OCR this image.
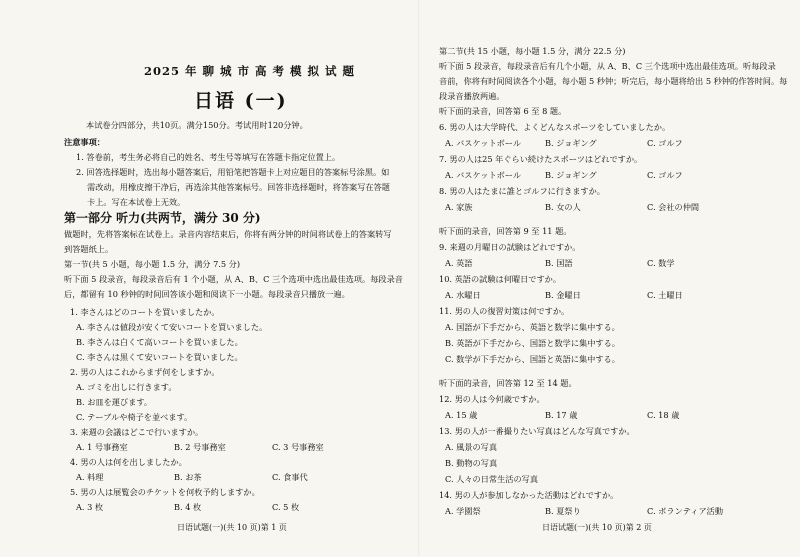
2025 年 聊 城 市 高 考 模 拟 试 题
日语 (一)
本试卷分四部分，共10页。满分150分。考试用时120分钟。
注意事项：
1. 答卷前，考生务必将自己的姓名、考生号等填写在答题卡指定位置上。
2. 回答选择题时，选出每小题答案后，用铅笔把答题卡上对应题目的答案标号涂黑。如
需改动，用橡皮擦干净后，再选涂其他答案标号。回答非选择题时，将答案写在答题
卡上。写在本试卷上无效。
第一部分 听力(共两节，满分 30 分)
做题时，先将答案标在试卷上。录音内容结束后，你将有两分钟的时间将试卷上的答案转写
到答题纸上。
第一节(共 5 小题，每小题 1.5 分，满分 7.5 分)
听下面 5 段录音，每段录音后有 1 个小题，从 A、B、C 三个选项中选出最佳选项。每段录音
后，都留有 10 秒钟的时间回答该小题和阅读下一小题。每段录音只播放一遍。
1. 李さんはどのコートを買いましたか。
A. 李さんは値段が安くて安いコートを買いました。
B. 李さんは白くて高いコートを買いました。
C. 李さんは黒くて安いコートを買いました。
2. 男の人はこれからまず何をしますか。
A. ゴミを出しに行きます。
B. お皿を運びます。
C. テーブルや椅子を並べます。
3. 来週の会議はどこで行いますか。
A. 1 号事務室	B. 2 号事務室	C. 3 号事務室
4. 男の人は何を出しましたか。
A. 料理	B. お茶	C. 食事代
5. 男の人は展覧会のチケットを何枚予約しますか。
A. 3 枚	B. 4 枚	C. 5 枚
日语试题(一)(共 10 页)第 1 页
第二节(共 15 小题，每小题 1.5 分，满分 22.5 分)
听下面 5 段录音，每段录音后有几个小题，从 A、B、C 三个选项中选出最佳选项。听每段录
音前，你将有时间阅读各个小题，每小题 5 秒钟；听完后，每小题将给出 5 秒钟的作答时间。每
段录音播放两遍。
听下面的录音，回答第 6 至 8 题。
6. 男の人は大学時代、よくどんなスポーツをしていましたか。
A. バスケットボール	B. ジョギング	C. ゴルフ
7. 男の人は25 年ぐらい続けたスポーツはどれですか。
A. バスケットボール	B. ジョギング	C. ゴルフ
8. 男の人はたまに誰とゴルフに行きますか。
A. 家族	B. 女の人	C. 会社の仲間
听下面的录音，回答第 9 至 11 题。
9. 来週の月曜日の試験はどれですか。
A. 英語	B. 国語	C. 数学
10. 英語の試験は何曜日ですか。
A. 水曜日	B. 金曜日	C. 土曜日
11. 男の人の復習対策は何ですか。
A. 国語が下手だから、英語と数学に集中する。
B. 英語が下手だから、国語と数学に集中する。
C. 数学が下手だから、国語と英語に集中する。
听下面的录音，回答第 12 至 14 题。
12. 男の人は今何歳ですか。
A. 15 歳	B. 17 歳	C. 18 歳
13. 男の人が一番撮りたい写真はどんな写真ですか。
A. 風景の写真
B. 動物の写真
C. 人々の日常生活の写真
14. 男の人が参加しなかった活動はどれですか。
A. 学園祭	B. 夏祭り	C. ボランティア活動
日语试题(一)(共 10 页)第 2 页
